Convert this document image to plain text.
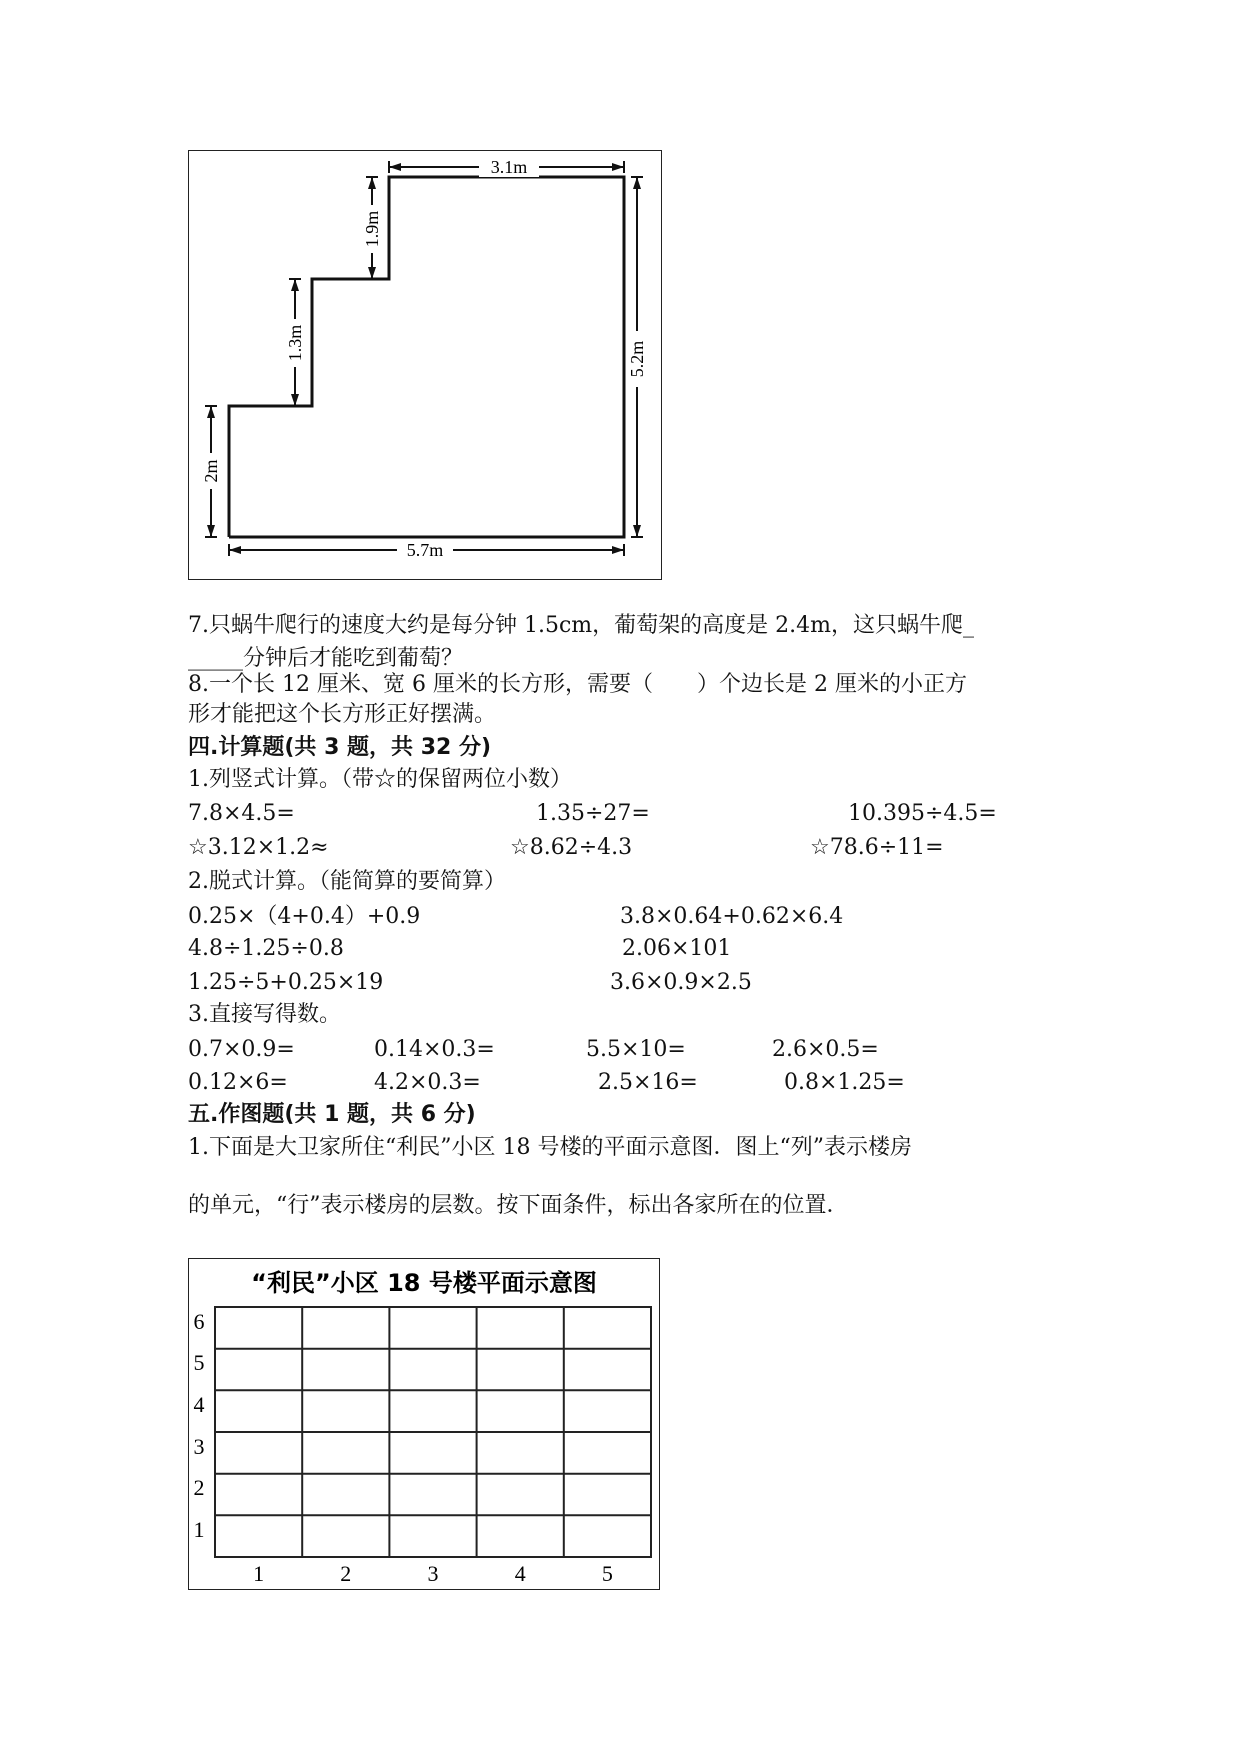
3.1m
5.2m
5.7m
2m
1.3m
1.9m
7.只蜗牛爬行的速度大约是每分钟 1.5cm，葡萄架的高度是 2.4m，这只蜗牛爬_
_____分钟后才能吃到葡萄？
8.一个长 12 厘米、宽 6 厘米的长方形，需要（　　）个边长是 2 厘米的小正方
形才能把这个长方形正好摆满。
四.计算题(共 3 题，共 32 分)
1.列竖式计算。（带☆的保留两位小数）
7.8×4.5=	1.35÷27=	10.395÷4.5=
☆3.12×1.2≈	☆8.62÷4.3	☆78.6÷11=
2.脱式计算。（能简算的要简算）
0.25×（4+0.4）+0.9	3.8×0.64+0.62×6.4
4.8÷1.25÷0.8	2.06×101
1.25÷5+0.25×19	3.6×0.9×2.5
3.直接写得数。
0.7×0.9=	0.14×0.3=	5.5×10=	2.6×0.5=
0.12×6=	4.2×0.3=	2.5×16=	0.8×1.25=
五.作图题(共 1 题，共 6 分)
1.下面是大卫家所住“利民”小区 18 号楼的平面示意图．图上“列”表示楼房
的单元，“行”表示楼房的层数。按下面条件，标出各家所在的位置．
“利民”小区 18 号楼平面示意图
6
5
4
3
2
1
1	2	3	4	5
